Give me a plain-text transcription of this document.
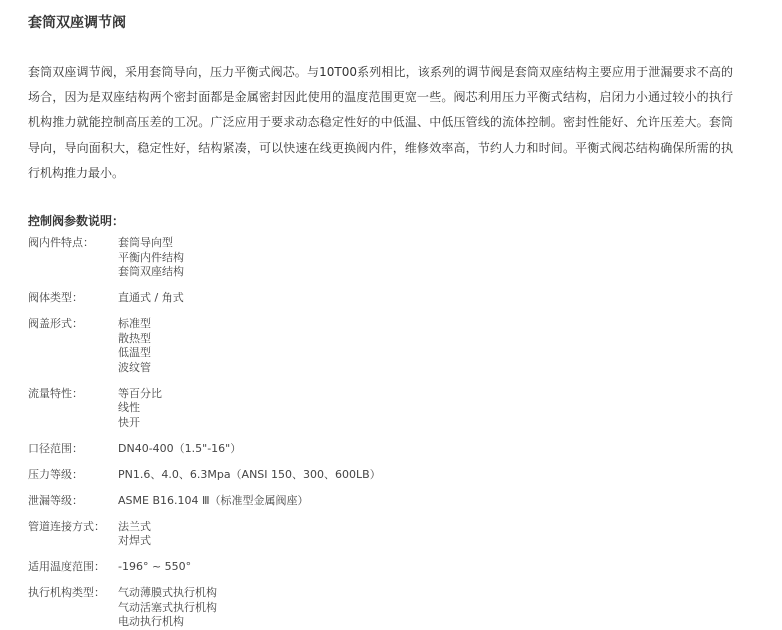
套筒双座调节阀

套筒双座调节阀，采用套筒导向，压力平衡式阀芯。与10T00系列相比，该系列的调节阀是套筒双座结构主要应用于泄漏要求不高的场合，因为是双座结构两个密封面都是金属密封因此使用的温度范围更宽一些。阀芯利用压力平衡式结构，启闭力小通过较小的执行机构推力就能控制高压差的工况。广泛应用于要求动态稳定性好的中低温、中低压管线的流体控制。密封性能好、允许压差大。套筒导向，导向面积大，稳定性好，结构紧凑，可以快速在线更换阀内件，维修效率高，节约人力和时间。平衡式阀芯结构确保所需的执行机构推力最小。

控制阀参数说明：
阀内件特点：	套筒导向型
平衡内件结构
套筒双座结构
阀体类型：	直通式 / 角式
阀盖形式：	标准型
散热型
低温型
波纹管
流量特性：	等百分比
线性
快开
口径范围：	DN40-400（1.5"-16"）
压力等级：	PN1.6、4.0、6.3Mpa（ANSI 150、300、600LB）
泄漏等级：	ASME B16.104 Ⅲ（标准型金属阀座）
管道连接方式：	法兰式
对焊式
适用温度范围：	-196° ~ 550°
执行机构类型：	气动薄膜式执行机构
气动活塞式执行机构
电动执行机构
